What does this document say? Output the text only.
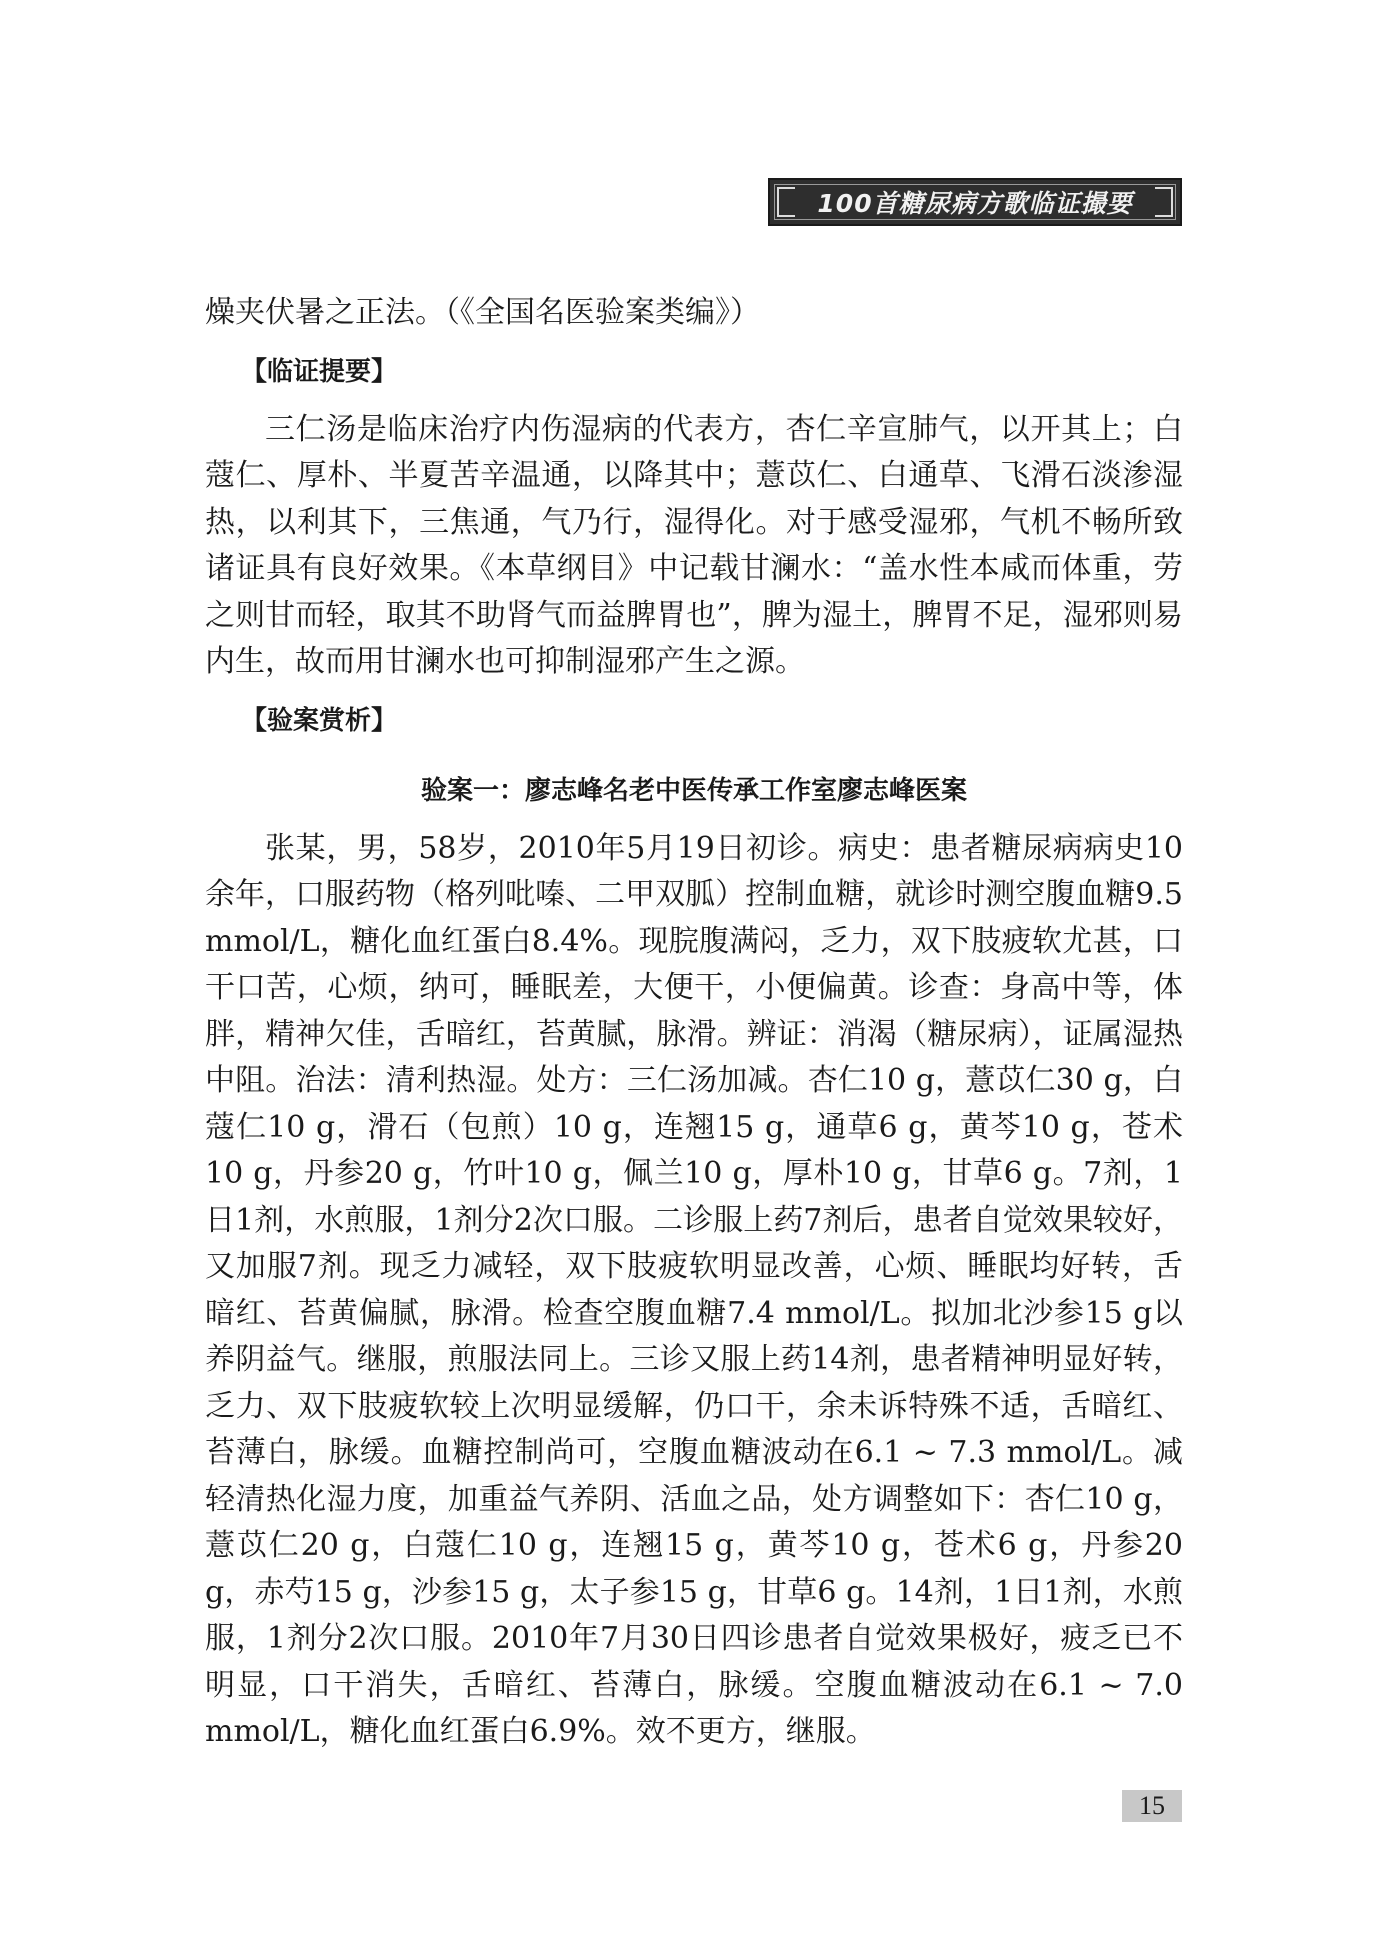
100首糖尿病方歌临证撮要

燥夹伏暑之正法。（《全国名医验案类编》）

【临证提要】

三仁汤是临床治疗内伤湿病的代表方，杏仁辛宣肺气，以开其上；白蔻仁、厚朴、半夏苦辛温通，以降其中；薏苡仁、白通草、飞滑石淡渗湿热，以利其下，三焦通，气乃行，湿得化。对于感受湿邪，气机不畅所致诸证具有良好效果。《本草纲目》中记载甘澜水：“盖水性本咸而体重，劳之则甘而轻，取其不助肾气而益脾胃也”，脾为湿土，脾胃不足，湿邪则易内生，故而用甘澜水也可抑制湿邪产生之源。

【验案赏析】

验案一：廖志峰名老中医传承工作室廖志峰医案

张某，男，58岁，2010年5月19日初诊。病史：患者糖尿病病史10余年，口服药物（格列吡嗪、二甲双胍）控制血糖，就诊时测空腹血糖9.5 mmol/L，糖化血红蛋白8.4%。现脘腹满闷，乏力，双下肢疲软尤甚，口干口苦，心烦，纳可，睡眠差，大便干，小便偏黄。诊查：身高中等，体胖，精神欠佳，舌暗红，苔黄腻，脉滑。辨证：消渴（糖尿病），证属湿热中阻。治法：清利热湿。处方：三仁汤加减。杏仁10 g，薏苡仁30 g，白蔻仁10 g，滑石（包煎）10 g，连翘15 g，通草6 g，黄芩10 g，苍术10 g，丹参20 g，竹叶10 g，佩兰10 g，厚朴10 g，甘草6 g。7剂，1日1剂，水煎服，1剂分2次口服。二诊服上药7剂后，患者自觉效果较好，又加服7剂。现乏力减轻，双下肢疲软明显改善，心烦、睡眠均好转，舌暗红、苔黄偏腻，脉滑。检查空腹血糖7.4 mmol/L。拟加北沙参15 g以养阴益气。继服，煎服法同上。三诊又服上药14剂，患者精神明显好转，乏力、双下肢疲软较上次明显缓解，仍口干，余未诉特殊不适，舌暗红、苔薄白，脉缓。血糖控制尚可，空腹血糖波动在6.1 ~ 7.3 mmol/L。减轻清热化湿力度，加重益气养阴、活血之品，处方调整如下：杏仁10 g，薏苡仁20 g，白蔻仁10 g，连翘15 g，黄芩10 g，苍术6 g，丹参20 g，赤芍15 g，沙参15 g，太子参15 g，甘草6 g。14剂，1日1剂，水煎服，1剂分2次口服。2010年7月30日四诊患者自觉效果极好，疲乏已不明显，口干消失，舌暗红、苔薄白，脉缓。空腹血糖波动在6.1 ~ 7.0 mmol/L，糖化血红蛋白6.9%。效不更方，继服。

15
